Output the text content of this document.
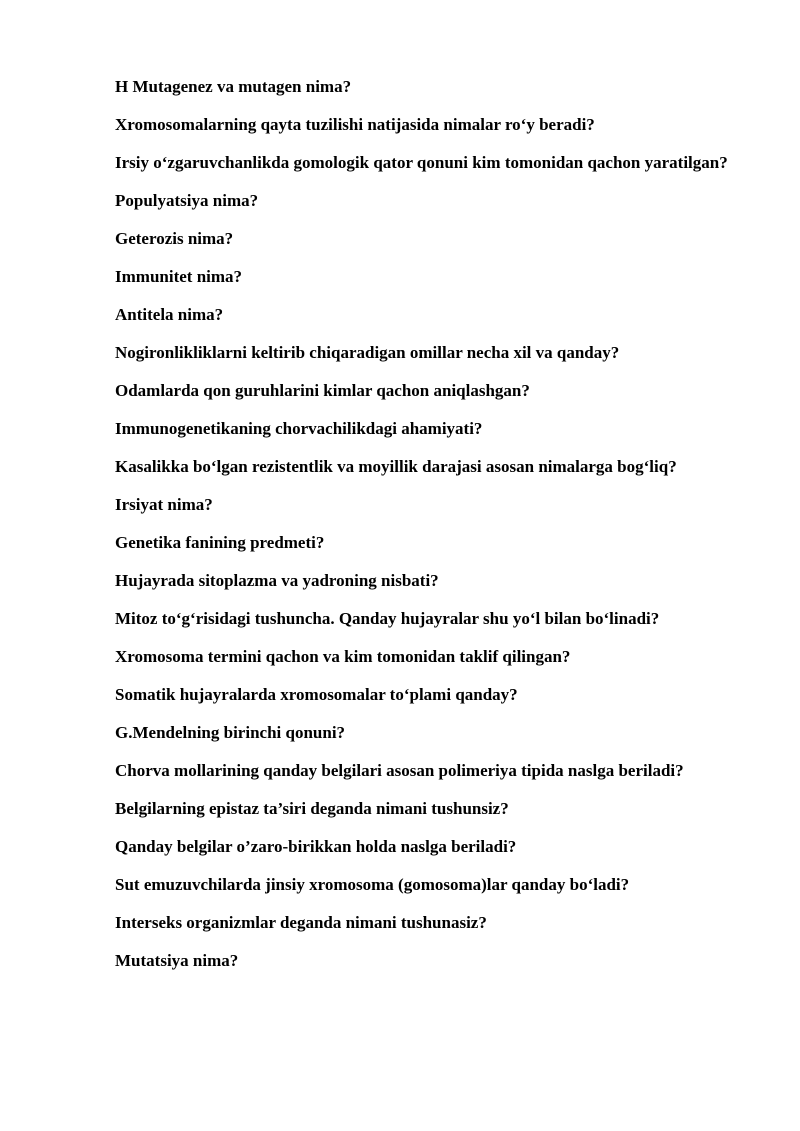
H Mutagenez va mutagen nima?

Xromosomalarning qayta tuzilishi natijasida nimalar ro‘y beradi?

Irsiy o‘zgaruvchanlikda gomologik qator qonuni kim tomonidan qachon yaratilgan?

Populyatsiya nima?

Geterozis nima?

Immunitet nima?

Antitela nima?

Nogironlikliklarni keltirib chiqaradigan omillar necha xil va qanday?

Odamlarda qon guruhlarini kimlar qachon aniqlashgan?

Immunogenetikaning chorvachilikdagi ahamiyati?

Kasalikka bo‘lgan rezistentlik va moyillik darajasi asosan nimalarga bog‘liq?

Irsiyat nima?

Genetika fanining predmeti?

Hujayrada sitoplazma va yadroning nisbati?

Mitoz to‘g‘risidagi tushuncha. Qanday hujayralar shu yo‘l bilan bo‘linadi?

Xromosoma termini qachon va kim tomonidan taklif qilingan?

Somatik hujayralarda xromosomalar to‘plami qanday?

G.Mendelning birinchi qonuni?

Chorva mollarining qanday belgilari asosan polimeriya tipida naslga beriladi?

Belgilarning epistaz ta’siri deganda nimani tushunsiz?

Qanday belgilar o’zaro-birikkan holda naslga beriladi?

Sut emuzuvchilarda jinsiy xromosoma (gomosoma)lar qanday bo‘ladi?

Interseks organizmlar deganda nimani tushunasiz?

Mutatsiya nima?
